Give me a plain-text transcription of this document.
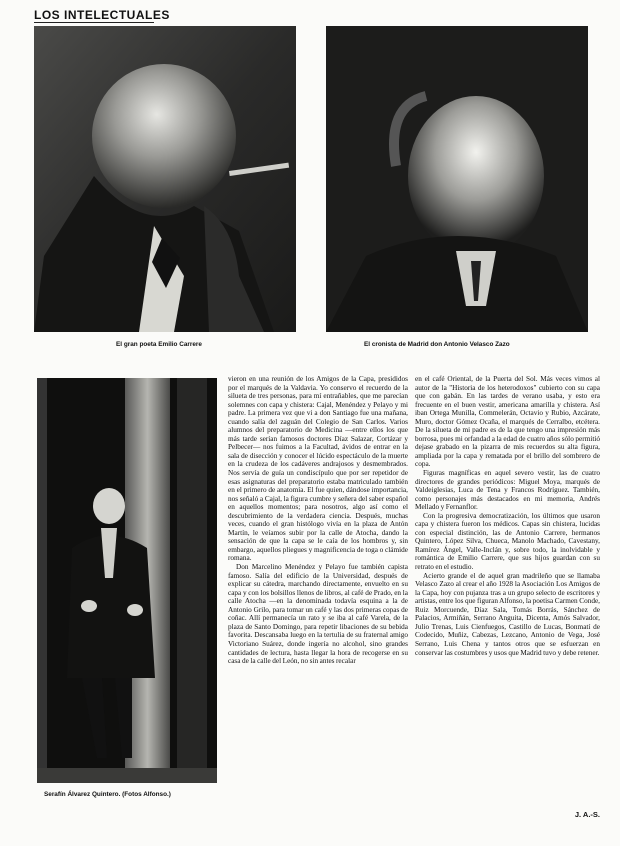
LOS INTELECTUALES
El gran poeta Emilio Carrere	El cronista de Madrid don Antonio Velasco Zazo
Serafín Álvarez Quintero. (Fotos Alfonso.)

vieron en una reunión de los Amigos de la Capa, presididos por el marqués de la Valdavia. Yo conservo el recuerdo de la silueta de tres personas, para mí entrañables, que me parecían solemnes con capa y chistera: Cajal, Menéndez y Pelayo y mi padre. La primera vez que vi a don Santiago fue una mañana, cuando salía del zaguán del Colegio de San Carlos. Varios alumnos del preparatorio de Medicina —entre ellos los que más tarde serían famosos doctores Díaz Salazar, Cortázar y Pelbecer— nos fuimos a la Facultad, ávidos de entrar en la sala de disección y conocer el lúcido espectáculo de la muerte en la crudeza de los cadáveres andrajosos y desmembrados. Nos servía de guía un condiscípulo que por ser repetidor de esas asignaturas del preparatorio estaba matriculado también en el primero de anatomía. El fue quien, dándose importancia, nos señaló a Cajal, la figura cumbre y señera del saber español en aquellos momentos; para nosotros, algo así como el descubrimiento de la verdadera ciencia. Después, muchas veces, cuando el gran histólogo vivía en la plaza de Antón Martín, le veíamos subir por la calle de Atocha, dando la sensación de que la capa se le caía de los hombros y, sin embargo, aquellos pliegues y magnificencia de toga o clámide romana.

Don Marcelino Menéndez y Pelayo fue también capista famoso. Salía del edificio de la Universidad, después de explicar su cátedra, marchando directamente, envuelto en su capa y con los bolsillos llenos de libros, al café de Prado, en la calle Atocha —en la denominada todavía esquina a la de Antonio Grilo, para tomar un café y las dos primeras copas de coñac. Allí permanecía un rato y se iba al café Varela, de la plaza de Santo Domingo, para repetir libaciones de su bebida favorita. Descansaba luego en la tertulia de su fraternal amigo Victoriano Suárez, donde ingería no alcohol, sino grandes cantidades de lectura, hasta llegar la hora de recogerse en su casa de la calle del León, no sin antes recalar

en el café Oriental, de la Puerta del Sol. Más veces vimos al autor de la "Historia de los heterodoxos" cubierto con su capa que con gabán. En las tardes de verano usaba, y esto era frecuente en el buen vestir, americana amarilla y chistera. Así iban Ortega Munilla, Commelerán, Octavio y Rubio, Azcárate, Muro, doctor Gómez Ocaña, el marqués de Cerralbo, etcétera. De la silueta de mi padre es de la que tengo una impresión más borrosa, pues mi orfandad a la edad de cuatro años sólo permitió dejase grabado en la pizarra de mis recuerdos su alta figura, ampliada por la capa y rematada por el brillo del sombrero de copa.

Figuras magníficas en aquel severo vestir, las de cuatro directores de grandes periódicos: Miguel Moya, marqués de Valdeiglesias, Luca de Tena y Francos Rodríguez. También, como personajes más destacados en mi memoria, Andrés Mellado y Fernanflor.

Con la progresiva democratización, los últimos que usaron capa y chistera fueron los médicos. Capas sin chistera, lucidas con especial distinción, las de Antonio Carrere, hermanos Quintero, López Silva, Chueca, Manolo Machado, Cavestany, Ramírez Ángel, Valle-Inclán y, sobre todo, la inolvidable y romántica de Emilio Carrere, que sus hijos guardan con su retrato en el estudio.

Acierto grande el de aquel gran madrileño que se llamaba Velasco Zazo al crear el año 1928 la Asociación Los Amigos de la Capa, hoy con pujanza tras a un grupo selecto de escritores y artistas, entre los que figuran Alfonso, la poetisa Carmen Conde, Ruiz Morcuende, Díaz Sala, Tomás Borrás, Sánchez de Palacios, Armiñán, Serrano Anguita, Dicenta, Amós Salvador, Julio Trenas, Luis Cienfuegos, Castillo de Lucas, Bonmatí de Codecido, Muñiz, Cabezas, Lezcano, Antonio de Vega, José Serrano, Luis Chena y tantos otros que se esfuerzan en conservar las costumbres y usos que Madrid tuvo y debe retener.

J. A.-S.
